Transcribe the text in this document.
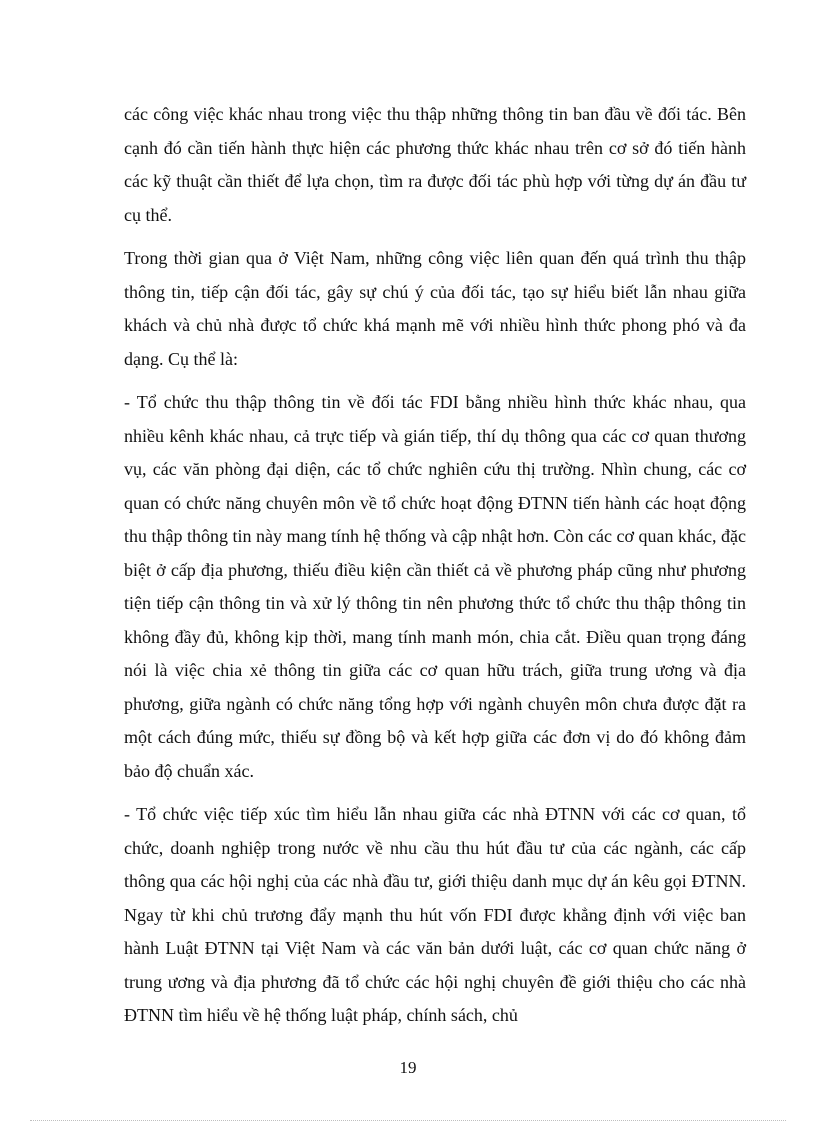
các công việc khác nhau trong việc thu thập những thông tin ban đầu về đối tác. Bên cạnh đó cần tiến hành thực hiện các phương thức khác nhau trên cơ sở đó tiến hành các kỹ thuật cần thiết để lựa chọn, tìm ra được đối tác phù hợp với từng dự án đầu tư cụ thể.

Trong thời gian qua ở Việt Nam, những công việc liên quan đến quá trình thu thập thông tin, tiếp cận đối tác, gây sự chú ý của đối tác, tạo sự hiểu biết lẫn nhau giữa khách và chủ nhà được tổ chức khá mạnh mẽ với nhiều hình thức phong phó và đa dạng. Cụ thể là:

- Tổ chức thu thập thông tin về đối tác FDI bằng nhiều hình thức khác nhau, qua nhiều kênh khác nhau, cả trực tiếp và gián tiếp, thí dụ thông qua các cơ quan thương vụ, các văn phòng đại diện, các tổ chức nghiên cứu thị trường. Nhìn chung, các cơ quan có chức năng chuyên môn về tổ chức hoạt động ĐTNN tiến hành các hoạt động thu thập thông tin này mang tính hệ thống và cập nhật hơn. Còn các cơ quan khác, đặc biệt ở cấp địa phương, thiếu điều kiện cần thiết cả về phương pháp cũng như phương tiện tiếp cận thông tin và xử lý thông tin nên phương thức tổ chức thu thập thông tin không đầy đủ, không kịp thời, mang tính manh món, chia cắt. Điều quan trọng đáng nói là việc chia xẻ thông tin giữa các cơ quan hữu trách, giữa trung ương và địa phương, giữa ngành có chức năng tổng hợp với ngành chuyên môn chưa được đặt ra một cách đúng mức, thiếu sự đồng bộ và kết hợp giữa các đơn vị do đó không đảm bảo độ chuẩn xác.

- Tổ chức việc tiếp xúc tìm hiểu lẫn nhau giữa các nhà ĐTNN với các cơ quan, tổ chức, doanh nghiệp trong nước về nhu cầu thu hút đầu tư của các ngành, các cấp thông qua các hội nghị của các nhà đầu tư, giới thiệu danh mục dự án kêu gọi ĐTNN. Ngay từ khi chủ trương đẩy mạnh thu hút vốn FDI được khẳng định với việc ban hành Luật ĐTNN tại Việt Nam và các văn bản dưới luật, các cơ quan chức năng ở trung ương và địa phương đã tổ chức các hội nghị chuyên đề giới thiệu cho các nhà ĐTNN tìm hiểu về hệ thống luật pháp, chính sách, chủ

19
